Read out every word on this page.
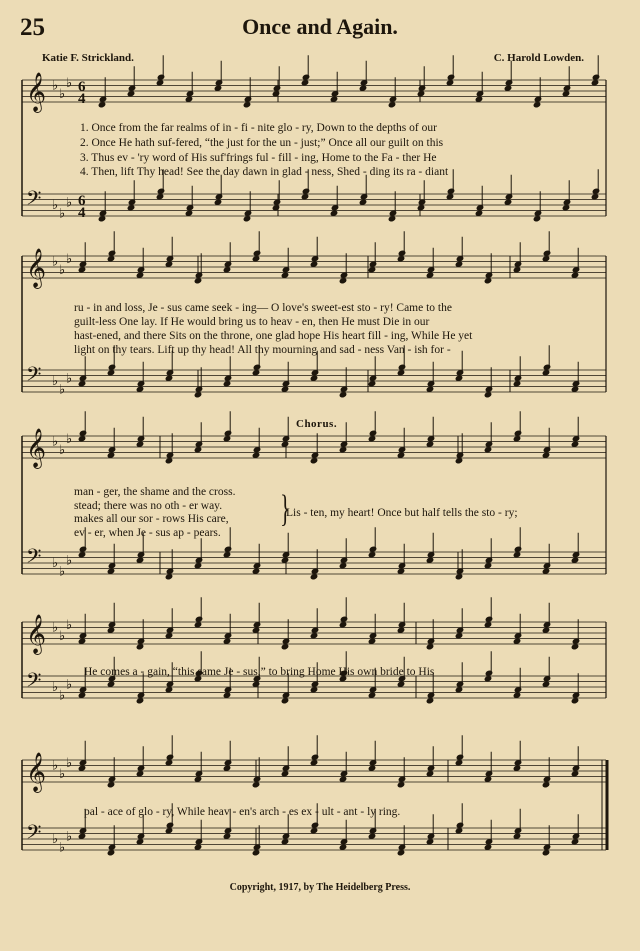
𝄞 ♭
♭
♭ 6
4
𝄢 ♭
♭
♭ 6
4
𝄞 ♭
♭
♭
𝄢 ♭
♭
♭
𝄞 ♭
♭
♭
𝄢 ♭
♭
♭
𝄞 ♭
♭
♭
𝄢 ♭
♭
♭
𝄞 ♭
♭
♭
𝄢 ♭
♭
♭
25	Once and Again.
Katie F. Strickland.	C. Harold Lowden.
1. Once from the far realms of in - fi - nite glo - ry, Down to the depths of our
2. Once He hath suf-fered, “the just for the un - just;” Once all our guilt on this
3. Thus ev - 'ry word of His suf'frings ful - fill - ing, Home to the Fa - ther He
4. Then, lift Thy head! See the day dawn in glad - ness, Shed - ding its ra - diant
ru - in and loss, Je - sus came seek - ing— O love's sweet-est sto - ry! Came to the
guilt-less One lay. If He would bring us to heav - en, then He must Die in our
hast-ened, and there Sits on the throne, one glad hope His heart fill - ing, While He yet
light on thy tears. Lift up thy head! All thy mourning and sad - ness Van - ish for -
Chorus.
man - ger, the shame and the cross.
stead; there was no oth - er way.
makes all our sor - rows His care,
ev - er, when Je - sus ap - pears.
}
Lis - ten, my heart! Once but half tells the sto - ry;
He comes a - gain, “this same Je - sus,” to bring Home His own bride to His
pal - ace of glo - ry, While heav - en's arch - es ex - ult - ant - ly ring.
Copyright, 1917, by The Heidelberg Press.
